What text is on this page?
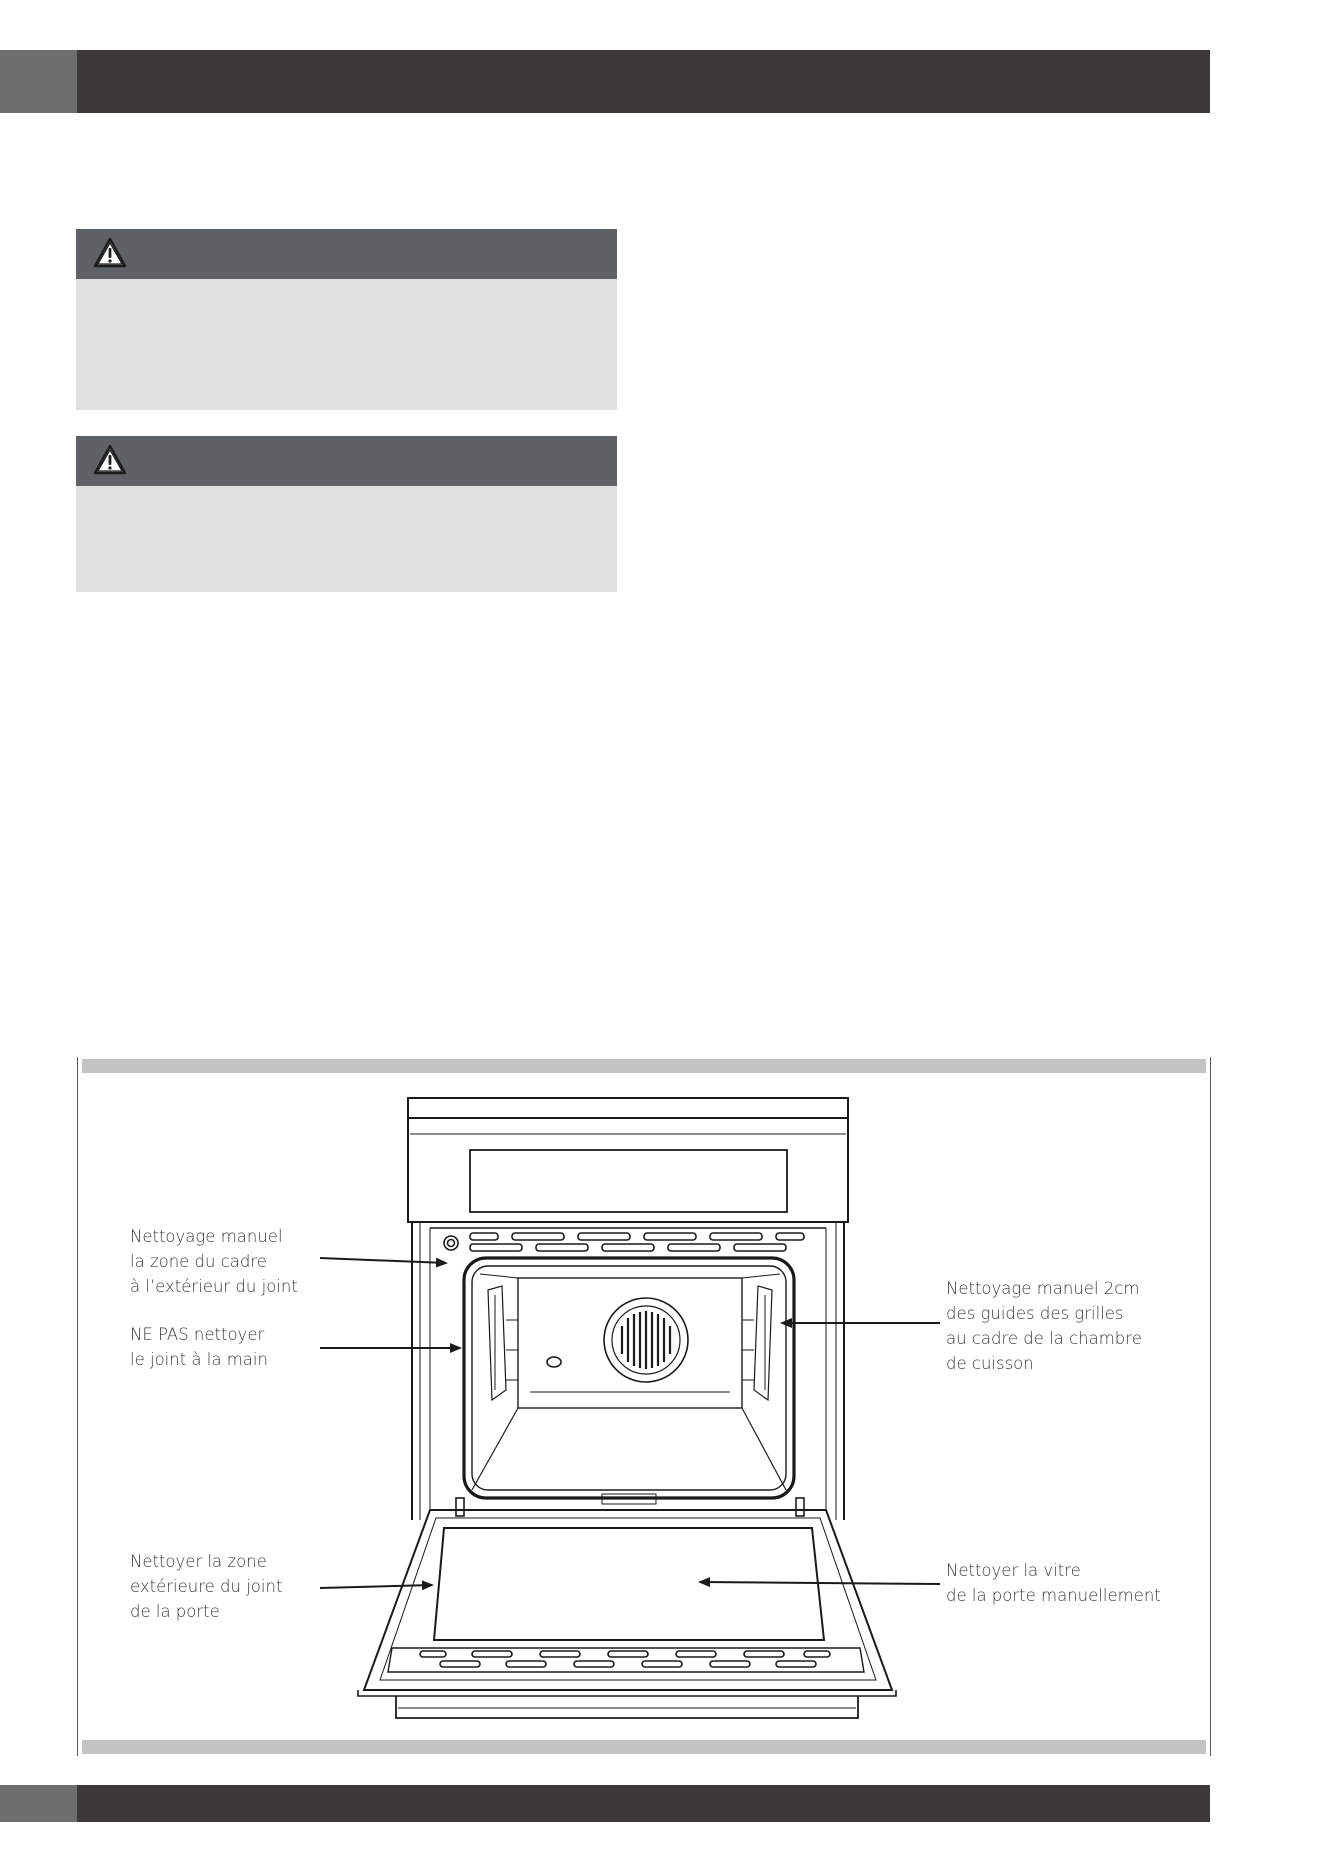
Nettoyage manuel
la zone du cadre
à l’extérieur du joint
NE PAS nettoyer
le joint à la main
Nettoyage manuel 2cm
des guides des grilles
au cadre de la chambre
de cuisson
Nettoyer la zone
extérieure du joint
de la porte
Nettoyer la vitre
de la porte manuellement
